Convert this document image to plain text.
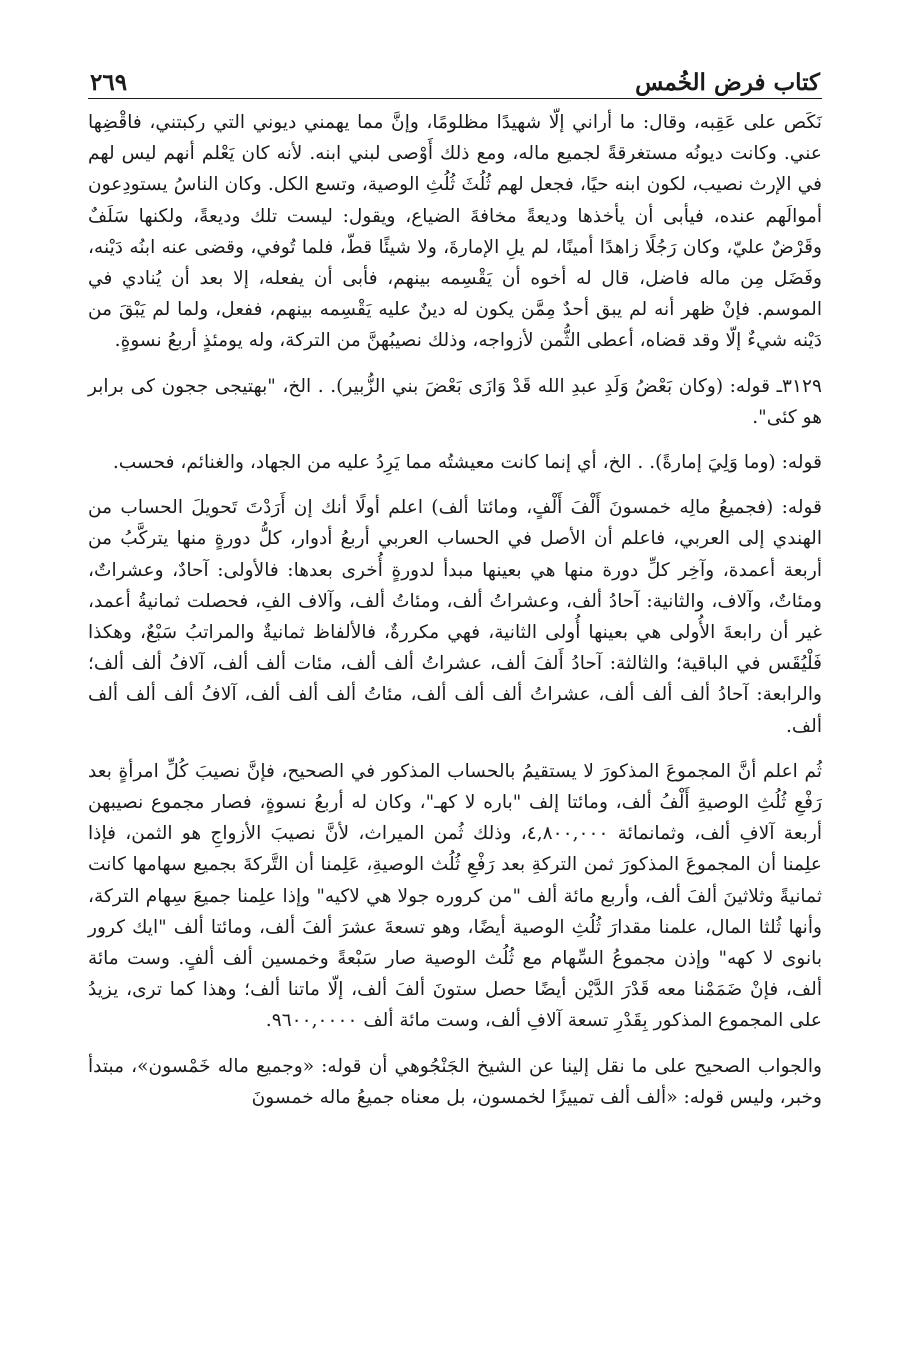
كتاب فرض الخُمس
٢٦٩

نَكَص على عَقِبه، وقال: ما أراني إلّا شهيدًا مظلومًا، وإنَّ مما يهمني ديوني التي ركبتني، فاقْضِها عني. وكانت ديونُه مستغرقةً لجميع ماله، ومع ذلك أَوْصى لبني ابنه. لأنه كان يَعْلم أنهم ليس لهم في الإرث نصيب، لكون ابنه حيًا، فجعل لهم ثُلُثَ ثُلُثِ الوصية، وتسع الكل. وكان الناسُ يستودِعون أموالَهم عنده، فيأبى أن يأخذها وديعةً مخافةَ الضياع، ويقول: ليست تلك وديعةً، ولكنها سَلَفٌ وقَرْضٌ عليّ، وكان رَجُلًا زاهدًا أمينًا، لم يلِ الإمارةَ، ولا شيئًا قطّ، فلما تُوفي، وقضى عنه ابنُه دَيْنه، وفَضَل مِن ماله فاضل، قال له أخوه أن يَقْسِمه بينهم، فأبى أن يفعله، إلا بعد أن يُنادي في الموسم. فإنْ ظهر أنه لم يبق أحدٌ مِمَّن يكون له دينٌ عليه يَقْسِمه بينهم، ففعل، ولما لم يَبْقَ من دَيْنه شيءٌ إلّا وقد قضاه، أعطى الثُّمن لأزواجه، وذلك نصيبُهنَّ من التركة، وله يومئذٍ أربعُ نسوةٍ.

٣١٢٩ـ قوله: (وكان بَعْضُ وَلَدِ عبدِ الله قَدْ وَازَى بَعْضَ بني الزُّبير). . الخ، "بهتيجى ججون كى برابر هو كئى".

قوله: (وما وَلِيَ إمارةً). . الخ، أي إنما كانت معيشتُه مما يَرِدُ عليه من الجهاد، والغنائم، فحسب.

قوله: (فجميعُ مالِه خمسونَ أَلْفَ أَلْفٍ، ومائتا ألف) اعلم أولًا أنك إن أَرَدْتَ تَحويلَ الحساب من الهندي إلى العربي، فاعلم أن الأصل في الحساب العربي أربعُ أدوار، كلُّ دورةٍ منها يتركَّبُ من أربعة أعمدة، وآخِر كلِّ دورة منها هي بعينها مبدأ لدورةٍ أُخرى بعدها: فالأولى: آحادٌ، وعشراتٌ، ومئاتٌ، وآلاف، والثانية: آحادُ ألف، وعشراتُ ألف، ومئاتُ ألف، وآلاف الفِ، فحصلت ثمانيةُ أعمد، غير أن رابعةَ الأُولى هي بعينها أُولى الثانية، فهي مكررةٌ، فالألفاظ ثمانيةٌ والمراتبُ سَبْعٌ، وهكذا فَلْيُقَس في الباقية؛ والثالثة: آحادُ أَلفَ ألف، عشراتُ ألف ألف، مئات ألف ألف، آلافُ ألف ألف؛ والرابعة: آحادُ ألف ألف ألف، عشراتُ ألف ألف ألف، مئاتُ ألف ألف ألف، آلافُ ألف ألف ألف ألف.

ثُم اعلم أنَّ المجموعَ المذكورَ لا يستقيمُ بالحساب المذكور في الصحيح، فإنَّ نصيبَ كُلِّ امرأةٍ بعد رَفْعِ ثُلُثِ الوصيةِ أَلْفُ ألف، ومائتا إلف "باره لا كهـ"، وكان له أربعُ نسوةٍ، فصار مجموع نصيبهن أربعة آلافِ ألف، وثمانمائة ٤,٨٠٠,٠٠٠، وذلك ثُمن الميراث، لأنَّ نصيبَ الأزواجِ هو الثمن، فإذا علِمنا أن المجموعَ المذكورَ ثمن التركةِ بعد رَفْعِ ثُلُث الوصيةِ، عَلِمنا أن التَّركةَ بجميع سهامها كانت ثمانيةً وثلاثينَ ألفَ ألف، وأربع مائة ألف "من كروره جولا هي لاكيه" وإذا علِمنا جميعَ سِهام التركة، وأنها ثُلثا المال، علمنا مقدارَ ثُلُثِ الوصية أيضًا، وهو تسعةَ عشرَ ألفَ ألف، ومائتا ألف "ايك كرور بانوى لا كهه" وإذن مجموعُ السِّهام مع ثُلُث الوصية صار سَبْعةً وخمسين ألف ألفٍ. وست مائة ألف، فإنْ ضَمَمْنا معه قَدْرَ الدَّيْن أيضًا حصل ستونَ ألفَ ألف، إلّا ماتنا ألف؛ وهذا كما ترى، يزيدُ على المجموع المذكور بِقَدْرِ تسعة آلافِ ألف، وست مائة ألف ٩٦٠٠,٠٠٠٠.

والجواب الصحيح على ما نقل إلينا عن الشيخ الجَنْجُوهي أن قوله: «وجميع ماله خَمْسون»، مبتدأ وخبر، وليس قوله: «ألف ألف تمييزًا لخمسون، بل معناه جميعُ ماله خمسونَ
